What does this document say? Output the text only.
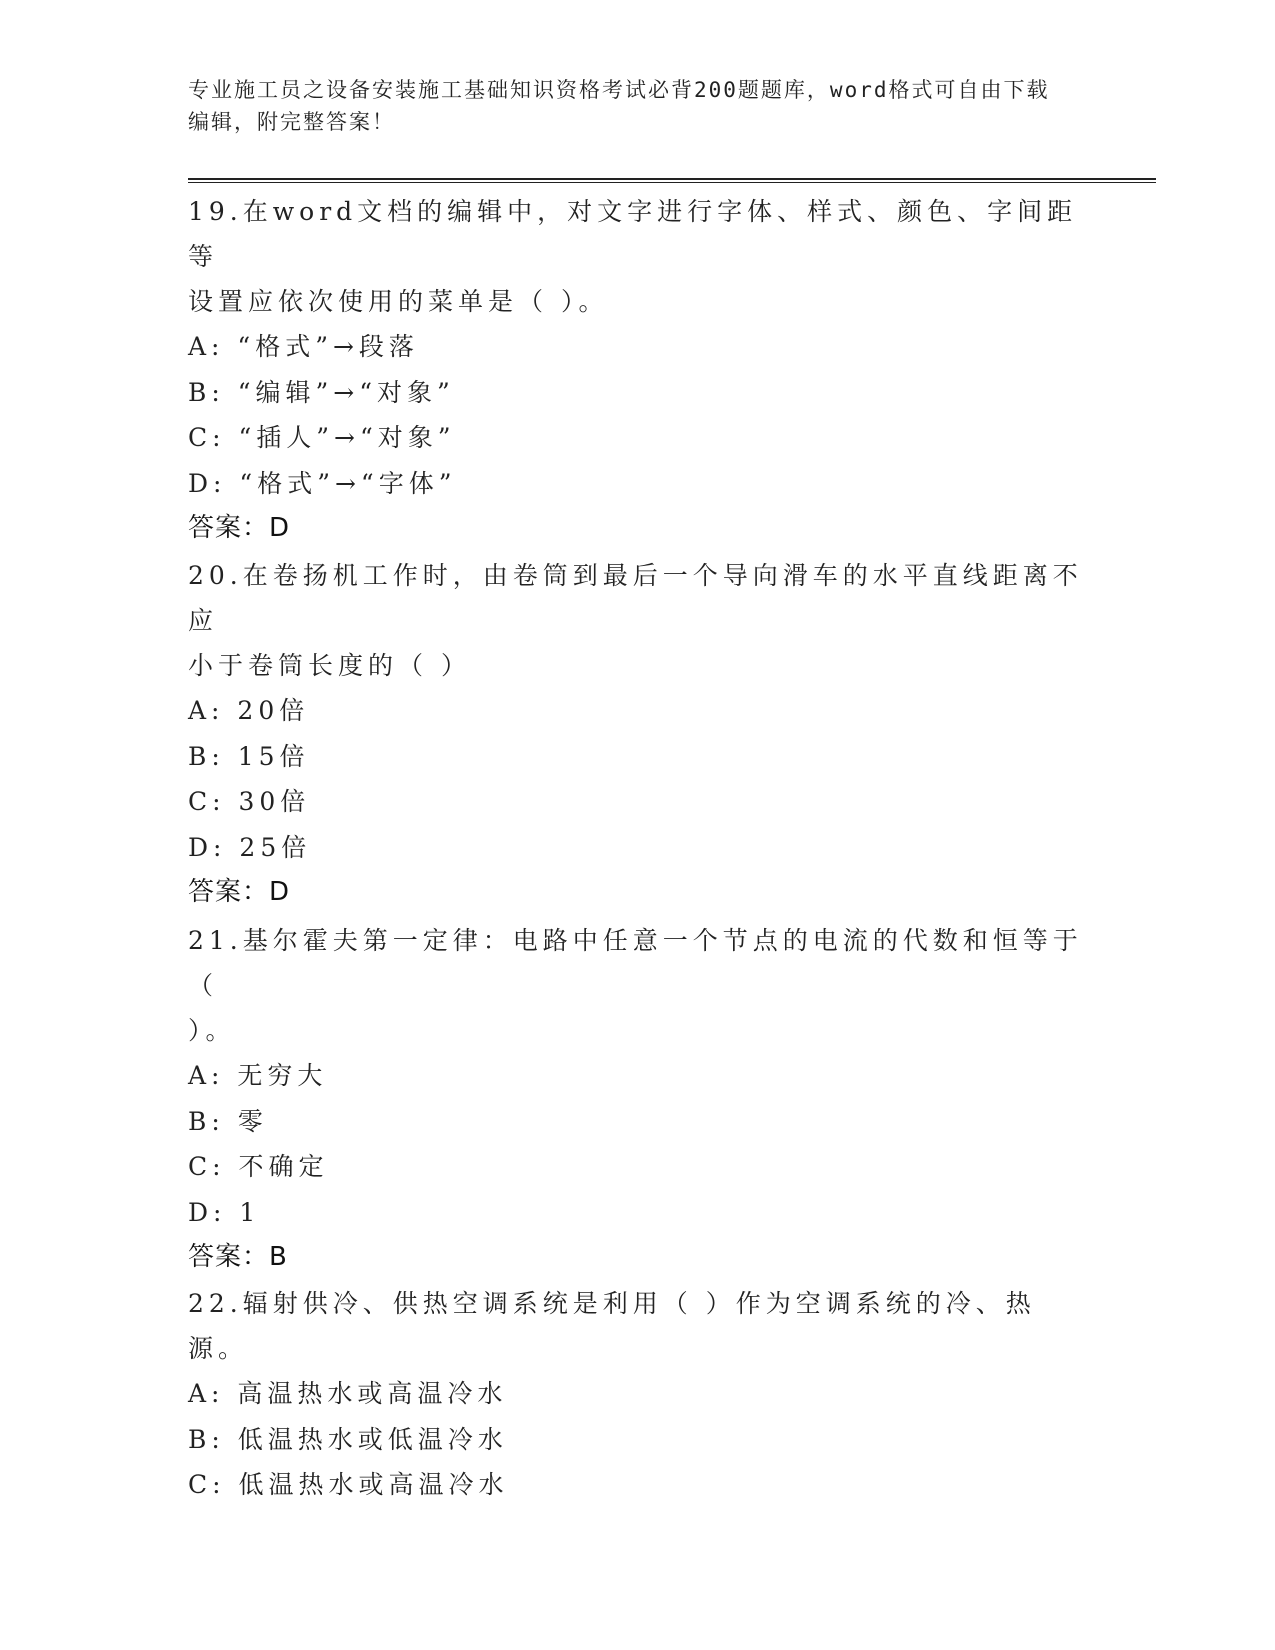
专业施工员之设备安装施工基础知识资格考试必背200题题库，word格式可自由下载编辑，附完整答案！

19.在word文档的编辑中，对文字进行字体、样式、颜色、字间距等

设置应依次使用的菜单是（ ）。

A: “格式”→段落

B: “编辑”→“对象”

C: “插人”→“对象”

D: “格式”→“字体”

答案：D

20.在卷扬机工作时，由卷筒到最后一个导向滑车的水平直线距离不应

小于卷筒长度的（ ）

A: 20倍

B: 15倍

C: 30倍

D: 25倍

答案：D

21.基尔霍夫第一定律：电路中任意一个节点的电流的代数和恒等于（

）。

A: 无穷大

B: 零

C: 不确定

D: 1

答案：B

22.辐射供冷、供热空调系统是利用（ ）作为空调系统的冷、热源。

A: 高温热水或高温冷水

B: 低温热水或低温冷水

C: 低温热水或高温冷水
